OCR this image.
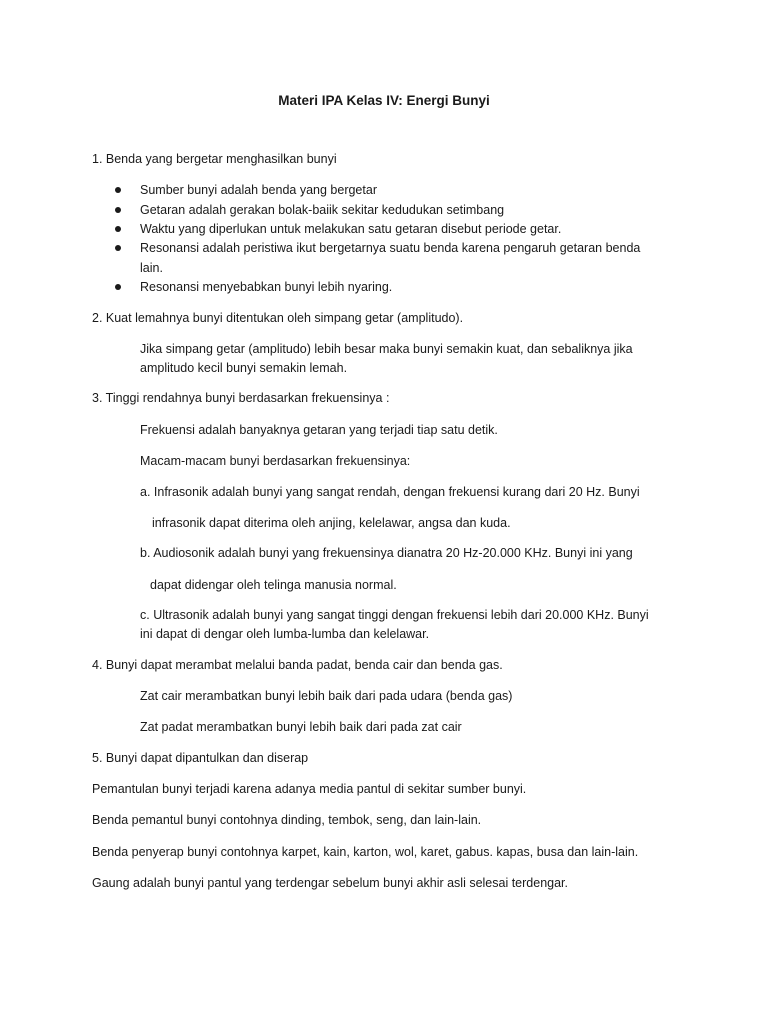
Materi IPA Kelas IV: Energi Bunyi
1. Benda yang bergetar menghasilkan bunyi
Sumber bunyi adalah benda yang bergetar
Getaran adalah gerakan bolak-baiik sekitar kedudukan setimbang
Waktu yang diperlukan untuk melakukan satu getaran disebut periode getar.
Resonansi adalah peristiwa ikut bergetarnya suatu benda karena pengaruh getaran benda
lain.
Resonansi menyebabkan bunyi lebih nyaring.
2. Kuat lemahnya bunyi ditentukan oleh simpang getar (amplitudo).
Jika simpang getar (amplitudo) lebih besar maka bunyi semakin kuat, dan sebaliknya jika
amplitudo kecil bunyi semakin lemah.
3. Tinggi rendahnya bunyi berdasarkan frekuensinya :
Frekuensi adalah banyaknya getaran yang terjadi tiap satu detik.
Macam-macam bunyi berdasarkan frekuensinya:
a. Infrasonik adalah bunyi yang sangat rendah, dengan frekuensi kurang dari 20 Hz. Bunyi
infrasonik dapat diterima oleh anjing, kelelawar, angsa dan kuda.
b. Audiosonik adalah bunyi yang frekuensinya dianatra 20 Hz-20.000 KHz. Bunyi ini yang
dapat didengar oleh telinga manusia normal.
c. Ultrasonik adalah bunyi yang sangat tinggi dengan frekuensi lebih dari 20.000 KHz. Bunyi
ini dapat di dengar oleh lumba-lumba dan kelelawar.
4. Bunyi dapat merambat melalui banda padat, benda cair dan benda gas.
Zat cair merambatkan bunyi lebih baik dari pada udara (benda gas)
Zat padat merambatkan bunyi lebih baik dari pada zat cair
5. Bunyi dapat dipantulkan dan diserap
Pemantulan bunyi terjadi karena adanya media pantul di sekitar sumber bunyi.
Benda pemantul bunyi contohnya dinding, tembok, seng, dan lain-lain.
Benda penyerap bunyi contohnya karpet, kain, karton, wol, karet, gabus. kapas, busa dan lain-lain.
Gaung adalah bunyi pantul yang terdengar sebelum bunyi akhir asli selesai terdengar.
